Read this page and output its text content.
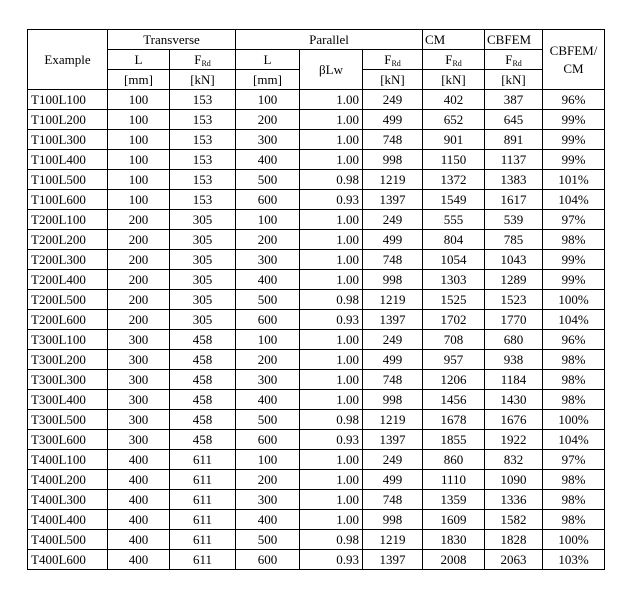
Example	Transverse		Parallel			CM	CBFEM	CBFEM/
CM

	L	$F_{Rd}$	L	βLw	$F_{Rd}$	$F_{Rd}$	$F_{Rd}$
	[mm]	[kN]	[mm]		[kN]	[kN]	[kN]	
T100L100	100	153	100	1.00	249	402	387	96%
T100L200	100	153	200	1.00	499	652	645	99%
T100L300	100	153	300	1.00	748	901	891	99%
T100L400	100	153	400	1.00	998	1150	1137	99%
T100L500	100	153	500	0.98	1219	1372	1383	101%
T100L600	100	153	600	0.93	1397	1549	1617	104%
T200L100	200	305	100	1.00	249	555	539	97%
T200L200	200	305	200	1.00	499	804	785	98%
T200L300	200	305	300	1.00	748	1054	1043	99%
T200L400	200	305	400	1.00	998	1303	1289	99%
T200L500	200	305	500	0.98	1219	1525	1523	100%
T200L600	200	305	600	0.93	1397	1702	1770	104%
T300L100	300	458	100	1.00	249	708	680	96%
T300L200	300	458	200	1.00	499	957	938	98%
T300L300	300	458	300	1.00	748	1206	1184	98%
T300L400	300	458	400	1.00	998	1456	1430	98%
T300L500	300	458	500	0.98	1219	1678	1676	100%
T300L600	300	458	600	0.93	1397	1855	1922	104%
T400L100	400	611	100	1.00	249	860	832	97%
T400L200	400	611	200	1.00	499	1110	1090	98%
T400L300	400	611	300	1.00	748	1359	1336	98%
T400L400	400	611	400	1.00	998	1609	1582	98%
T400L500	400	611	500	0.98	1219	1830	1828	100%
T400L600	400	611	600	0.93	1397	2008	2063	103%
